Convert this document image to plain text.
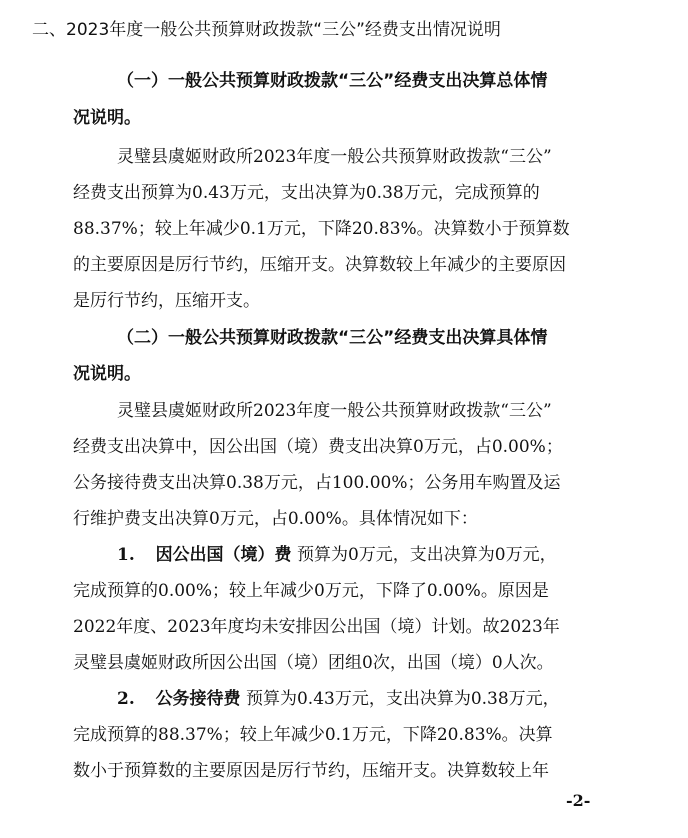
二、2023年度一般公共预算财政拨款“三公”经费支出情况说明
（一）一般公共预算财政拨款“三公”经费支出决算总体情
况说明。
灵璧县虞姬财政所2023年度一般公共预算财政拨款“三公”
经费支出预算为0.43万元，支出决算为0.38万元，完成预算的
88.37%；较上年减少0.1万元，下降20.83%。决算数小于预算数
的主要原因是厉行节约，压缩开支。决算数较上年减少的主要原因
是厉行节约，压缩开支。
（二）一般公共预算财政拨款“三公”经费支出决算具体情
况说明。
灵璧县虞姬财政所2023年度一般公共预算财政拨款“三公”
经费支出决算中，因公出国（境）费支出决算0万元，占0.00%；
公务接待费支出决算0.38万元，占100.00%；公务用车购置及运
行维护费支出决算0万元，占0.00%。具体情况如下：
1. 因公出国（境）费 预算为0万元，支出决算为0万元，
完成预算的0.00%；较上年减少0万元，下降了0.00%。原因是
2022年度、2023年度均未安排因公出国（境）计划。故2023年
灵璧县虞姬财政所因公出国（境）团组0次，出国（境）0人次。
2. 公务接待费 预算为0.43万元，支出决算为0.38万元，
完成预算的88.37%；较上年减少0.1万元，下降20.83%。决算
数小于预算数的主要原因是厉行节约，压缩开支。决算数较上年
-2-
